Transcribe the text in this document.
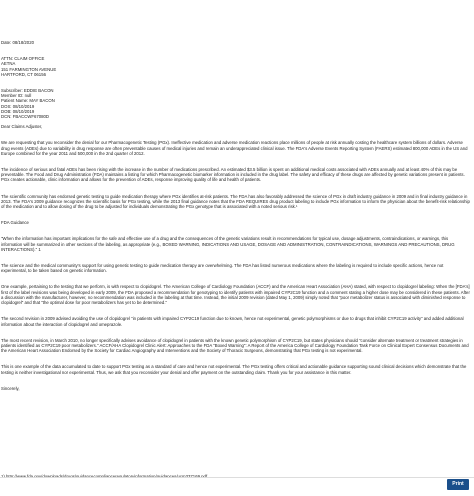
Date: 08/18/2020

ATTN: CLAIM OFFICE
AETNA
151 FARMINGTON AVENUE
HARTFORD, CT 06156

Subscriber: EDDIE BACON
Member ID: null
Patient Name: MAY BACON
DOS: 08/10/2019
DOB: 08/10/2019
DCN: FBACCWF67080D

Dear Claims Adjuster,

We are requesting that you reconsider the denial for our Pharmacogenetic Testing (PGx). Ineffective medication and adverse medication reactions place millions of people at risk annually costing the healthcare system billions of dollars. Adverse drug events (ADEs) due to variability in drug response are often preventable causes of medical injuries and remain an underappreciated clinical issue. The FDA's Adverse Events Reporting System (FAERS) estimated 800,000 ADEs in the US and Europe combined for the year 2011 and 500,000 in the 2nd quarter of 2012.

The incidence of serious and fatal ADEs has been rising with the increase in the number of medications prescribed. An estimated $3.5 billion is spent on additional medical costs associated with ADEs annually and at least 40% of this may be preventable. The Food and Drug Administration (FDA) maintains a listing for which Pharmacogenetic biomarker information is included in the drug label. The safety and efficacy of these drugs are affected by genetic variations present in patients. PGx creates actionable, clinic information and allows for the prevention of ADEs, response improving quality of life and health of patients.

The scientific community has endorsed genetic testing to guide medication therapy where PGx identifies at-risk patients. The FDA has also favorably addressed the science of PGx in draft industry guidance in 2009 and in final industry guidance in 2013. The FDA's 2009 guidance recognizes the scientific basis for PGx testing, while the 2013 final guidance notes that the FDA REQUIRES drug product labeling to include PGx information to inform the physician about the benefit-risk relationship of the medication and to allow dosing of the drug to be adjusted for individuals demonstrating the PGx genotype that is associated with a noted serious risk.¹

FDA Guidance

"When the information has important implications for the safe and effective use of a drug and the consequences of the genetic variations result in recommendations for typical use, dosage adjustments, contraindications, or warnings, this information will be summarized in other sections of the labeling, as appropriate (e.g., BOXED WARNING, INDICATIONS AND USAGE, DOSAGE AND ADMINISTRATION, CONTRAINDICATIONS, WARNINGS AND PRECAUTIONS, DRUG INTERACTIONS)." 1

The science and the medical community's support for using genetic testing to guide medication therapy are overwhelming. The FDA has listed numerous medications where the labeling is required to include specific actions, hence not experimental, to be taken based on genetic information.

One example, pertaining to the testing that we perform, is with respect to clopidogrel. The American College of Cardiology Foundation (ACCF) and the American Heart Association (AHA) stated, with respect to clopidogrel labeling: When the [FDA's] first of the label revisions was being developed in early 2009, the FDA proposed a recommendation for genotyping to identify patients with impaired CYP2C19 function and a comment stating a higher dose may be considered in these patients. After a discussion with the manufacturer, however, no recommendation was included in the labeling at that time. Instead, the initial 2009 revision (dated May 1, 2009) simply noted that "poor metabolizer status is associated with diminished response to clopidogrel" and that "the optimal dose for poor metabolizers has yet to be determined."

The second revision in 2009 advised avoiding the use of clopidogrel "in patients with impaired CYP2C19 function due to known, hence not experimental, genetic polymorphisms or due to drugs that inhibit CYP2C19 activity" and added additional information about the interaction of clopidogrel and omeprazole.

The most recent revision, in March 2010, no longer specifically advises avoidance of clopidogrel in patients with the known genetic polymorphism of CYP2C19, but states physicians should "consider alternate treatment or treatment strategies in patients identified as CYP2C19 poor metabolizers." ACCF/AHA Clopidogrel Clinic Alert: Approaches to the FDA "Boxed Warning": A Report of the America College of Cardiology Foundation Task Force on Clinical Expert Consensus Documents and the American Heart Association Endorsed by the Society for Cardiac Angiography and Interventions and the Society of Thoracic Surgeons, demonstrating that PGx testing is not experimental.

This is one example of the data accumulated to date to support PGx testing as a standard of care and hence not experimental. The PGx testing offers critical and actionable guidance supporting sound clinical decisions which demonstrate that the testing is neither investigational nor experimental. Thus, we ask that you reconsider your denial and offer payment on the outstanding claim. Thank you for your assistance in this matter.

Sincerely,

Print
